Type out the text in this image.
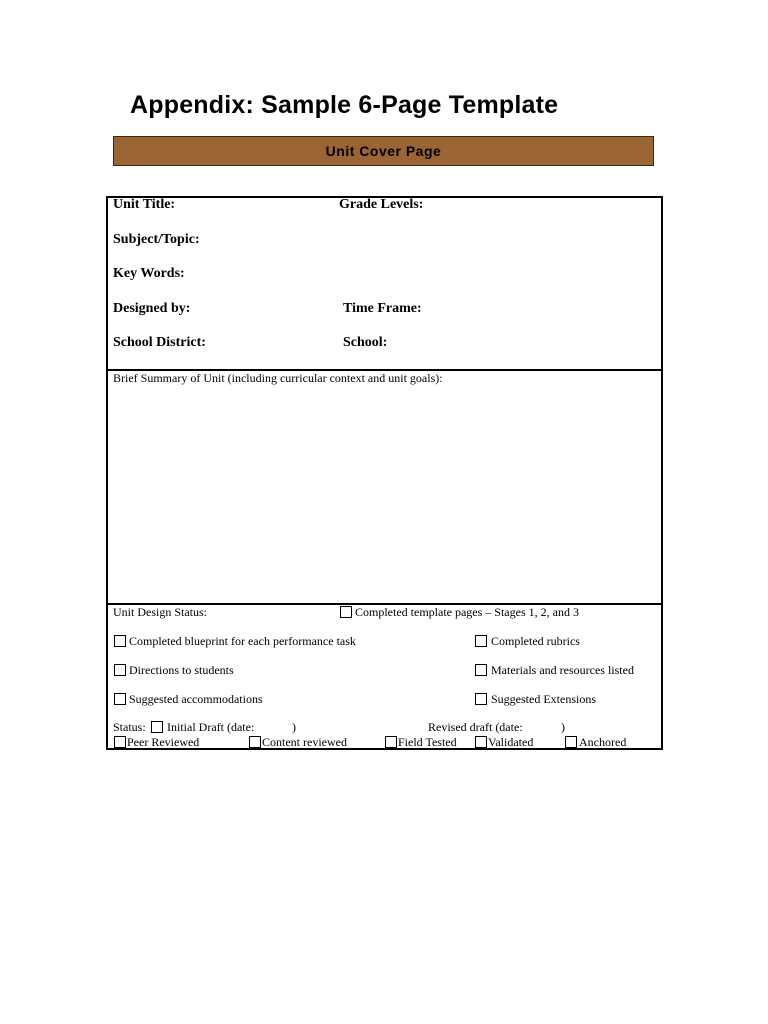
Appendix: Sample 6-Page Template
Unit Cover Page
Unit Title:	Grade Levels:
Subject/Topic:
Key Words:
Designed by:	Time Frame:
School District:	School:
Brief Summary of Unit (including curricular context and unit goals):
Unit Design Status:	Completed template pages – Stages 1, 2, and 3
Completed blueprint for each performance task	Completed rubrics
Directions to students	Materials and resources listed
Suggested accommodations	Suggested Extensions
Status: Initial Draft (date:	)	Revised draft (date:	)
Peer Reviewed	Content reviewed	Field Tested	Validated	Anchored
